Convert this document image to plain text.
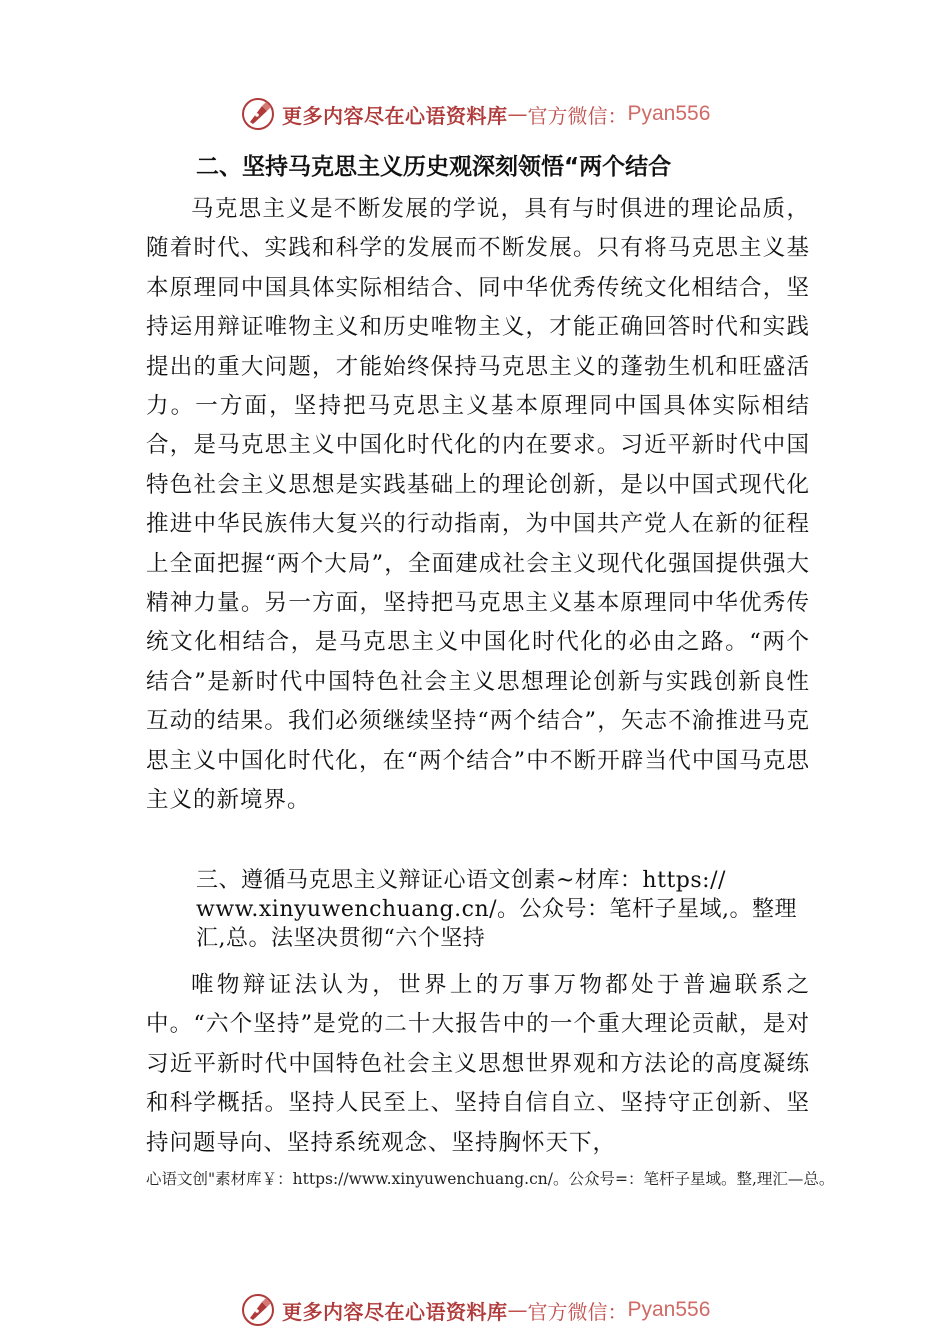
更多内容尽在心语资料库 — 官方微信： Pyan556
二、坚持马克思主义历史观深刻领悟“两个结合

马克思主义是不断发展的学说，具有与时俱进的理论品质，随着时代、实践和科学的发展而不断发展。只有将马克思主义基本原理同中国具体实际相结合、同中华优秀传统文化相结合，坚持运用辩证唯物主义和历史唯物主义，才能正确回答时代和实践提出的重大问题，才能始终保持马克思主义的蓬勃生机和旺盛活力。一方面，坚持把马克思主义基本原理同中国具体实际相结合，是马克思主义中国化时代化的内在要求。习近平新时代中国特色社会主义思想是实践基础上的理论创新，是以中国式现代化推进中华民族伟大复兴的行动指南，为中国共产党人在新的征程上全面把握“两个大局”，全面建成社会主义现代化强国提供强大精神力量。另一方面，坚持把马克思主义基本原理同中华优秀传统文化相结合，是马克思主义中国化时代化的必由之路。“两个结合”是新时代中国特色社会主义思想理论创新与实践创新良性互动的结果。我们必须继续坚持“两个结合”，矢志不渝推进马克思主义中国化时代化，在“两个结合”中不断开辟当代中国马克思主义的新境界。

三、遵循马克思主义辩证心语文创素~材库：https://
www.xinyuwenchuang.cn/。公众号：笔杆子星域,。整理
汇,总。法坚决贯彻“六个坚持

唯物辩证法认为，世界上的万事万物都处于普遍联系之中。“六个坚持”是党的二十大报告中的一个重大理论贡献，是对习近平新时代中国特色社会主义思想世界观和方法论的高度凝练和科学概括。坚持人民至上、坚持自信自立、坚持守正创新、坚持问题导向、坚持系统观念、坚持胸怀天下，

心语文创"素材库￥：https://www.xinyuwenchuang.cn/。公众号=：笔杆子星域。整,理汇—总。
更多内容尽在心语资料库 — 官方微信： Pyan556
